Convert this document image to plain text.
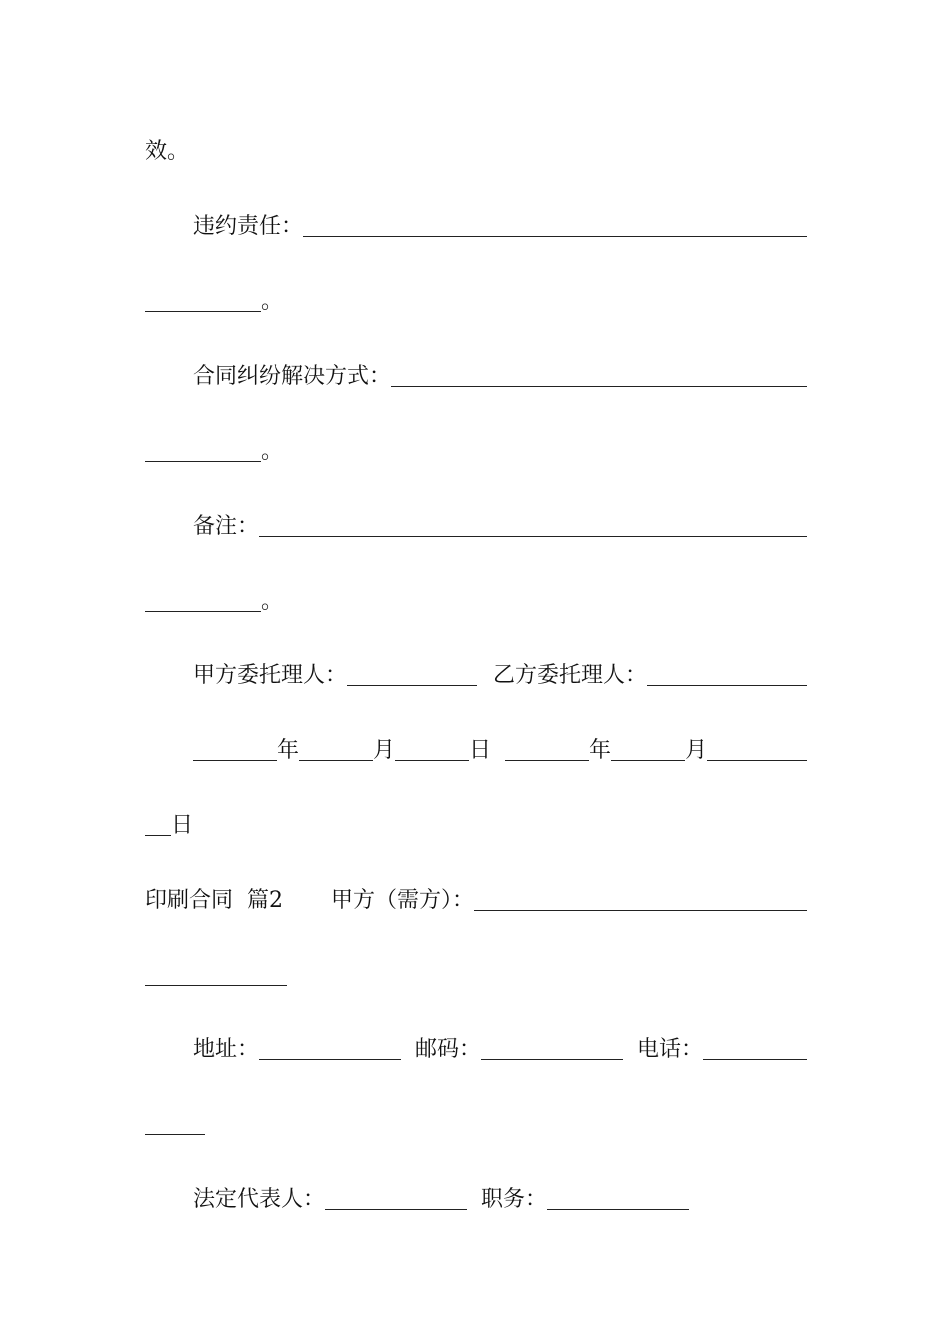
效。
违约责任：
。
合同纠纷解决方式：
。
备注：
。
甲方委托理人：	乙方委托理人：
年	月	日	年	月
日
印刷合同 篇2 甲方（需方）：
地址：	邮码：	电话：
法定代表人：	职务：
